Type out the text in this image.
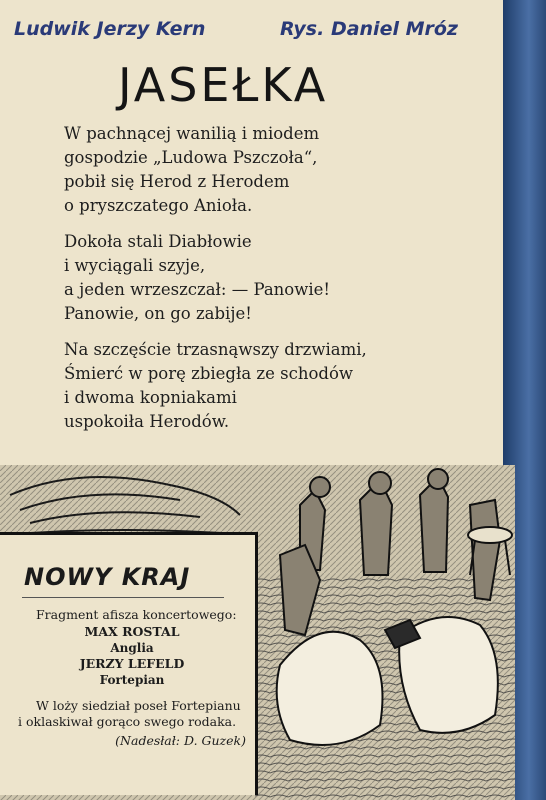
Ludwik Jerzy Kern	Rys. Daniel Mróz
JASEŁKA
W pachnącej wanilią i miodem
gospodzie „Ludowa Pszczoła“,
pobił się Herod z Herodem
o pryszczatego Anioła.
Dokoła stali Diabłowie
i wyciągali szyje,
a jeden wrzeszczał: — Panowie!
Panowie, on go zabije!
Na szczęście trzasnąwszy drzwiami,
Śmierć w porę zbiegła ze schodów
i dwoma kopniakami
uspokoiła Herodów.
NOWY KRAJ
Fragment afisza koncertowego:
MAX ROSTAL
Anglia
JERZY LEFELD
Fortepian
W loży siedział poseł Fortepianu i oklaskiwał gorąco swego rodaka.
(Nadesłał: D. Guzek)
